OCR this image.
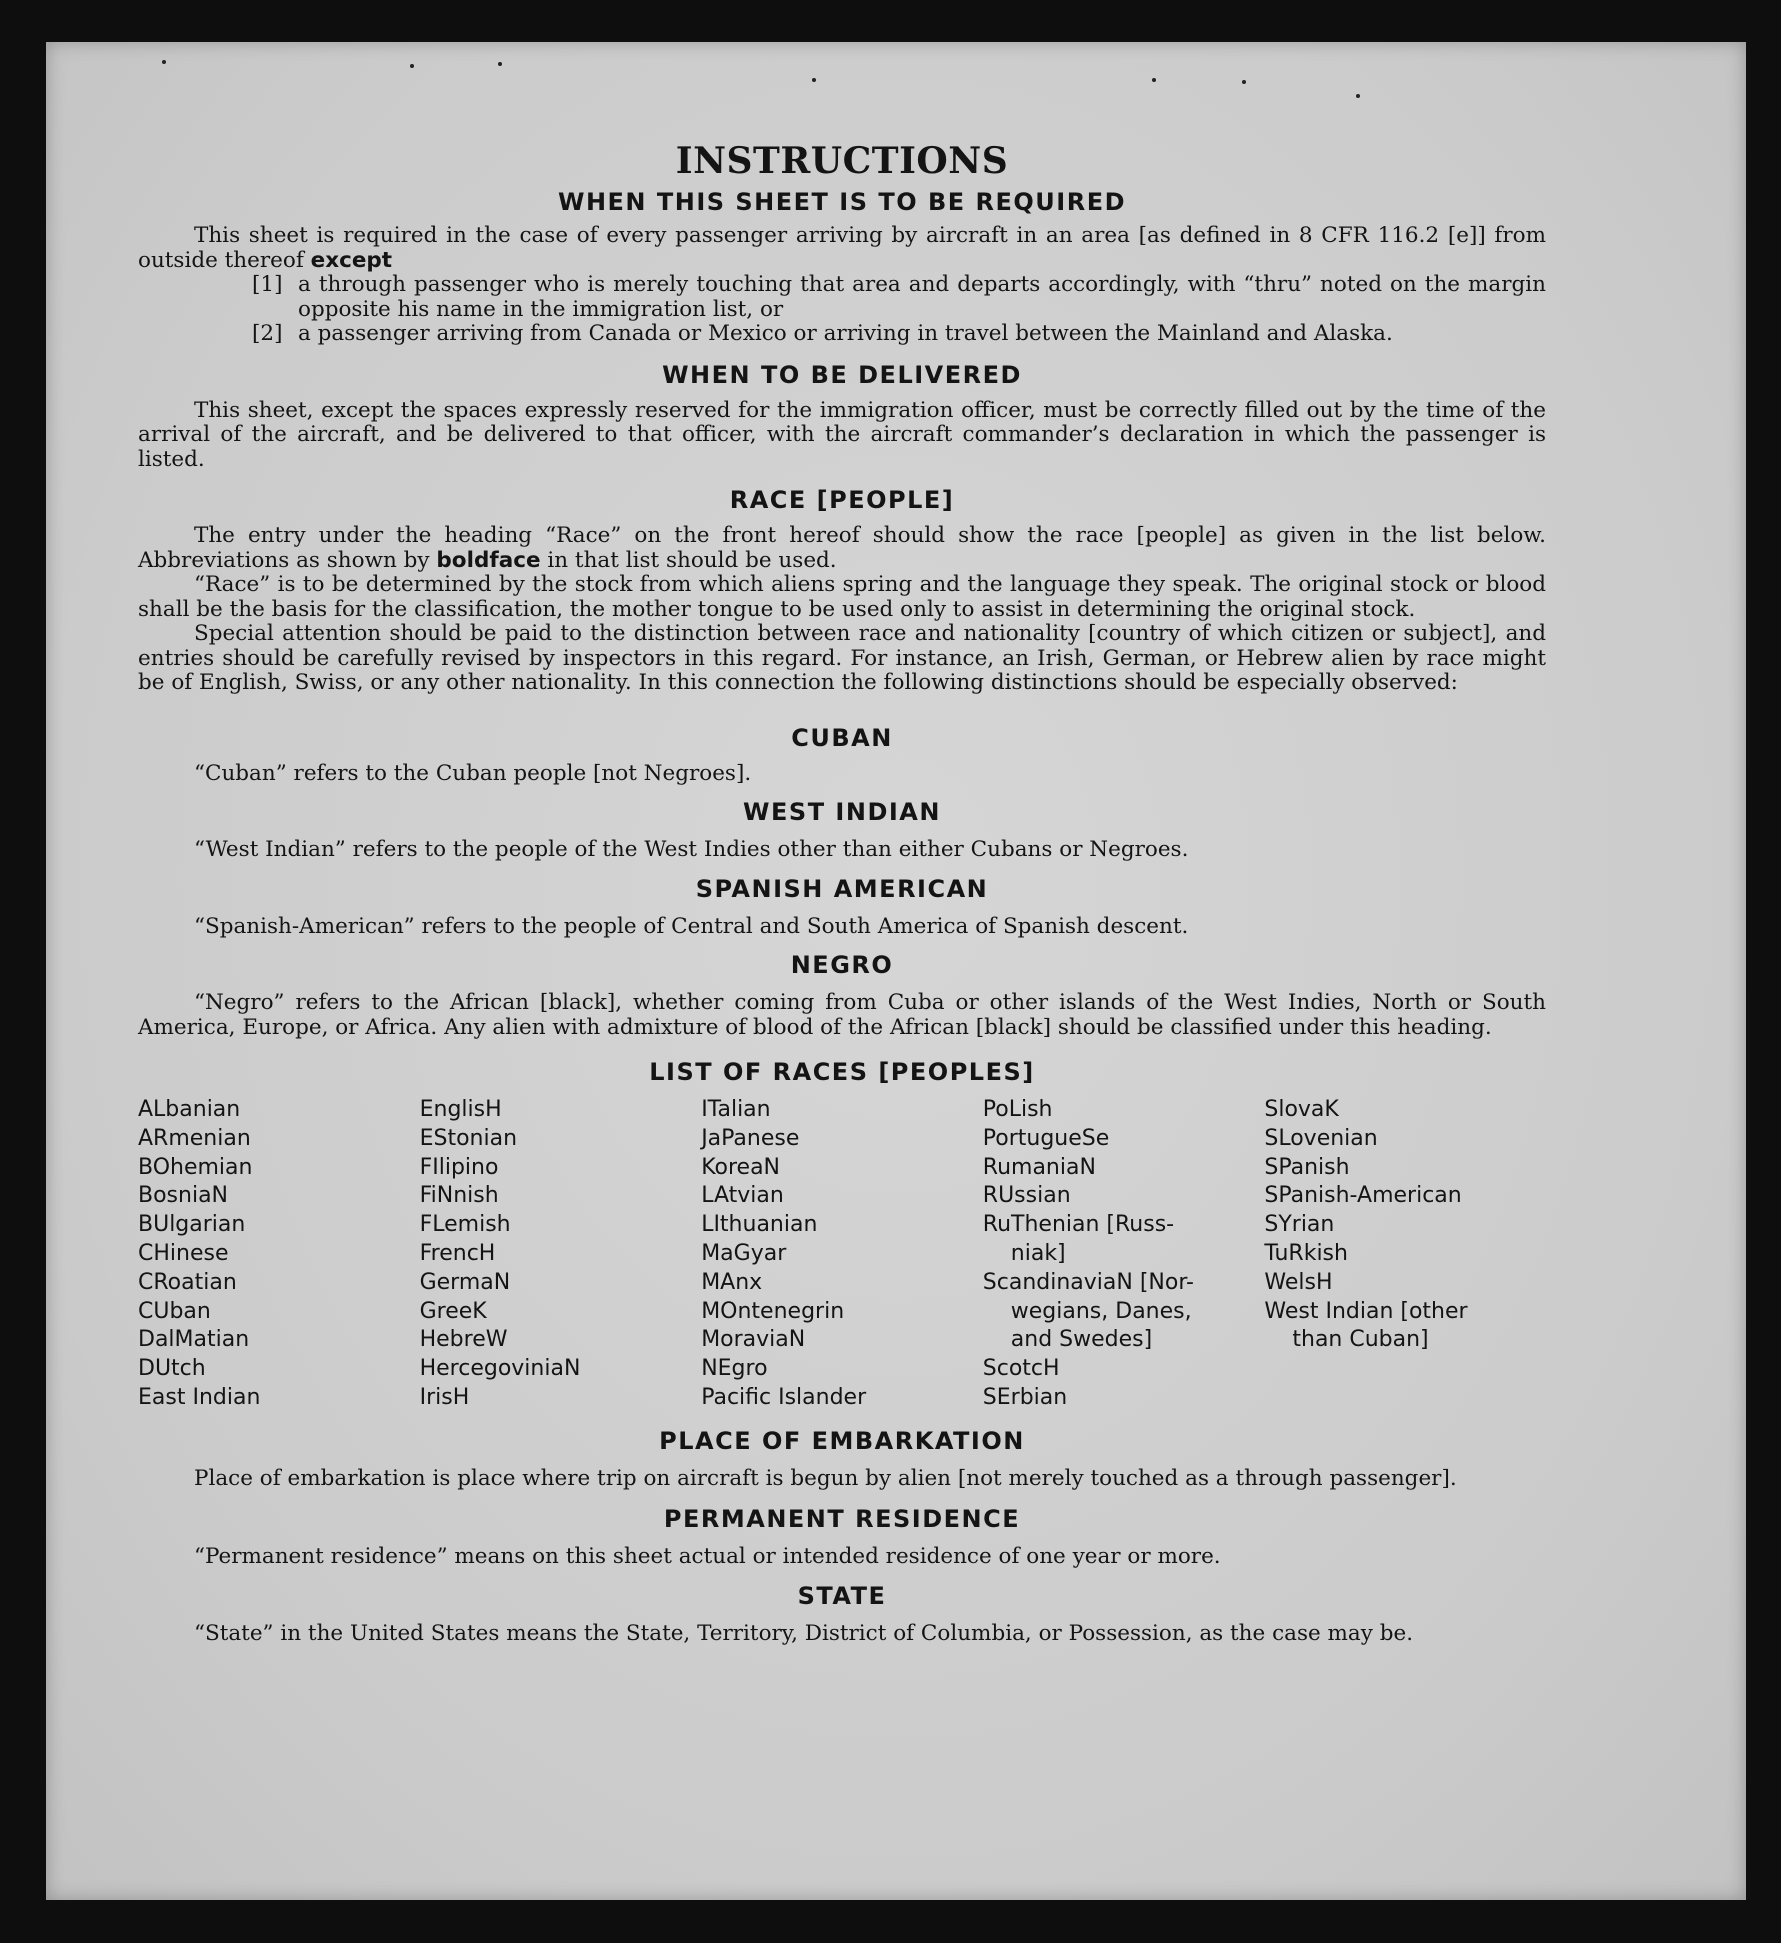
INSTRUCTIONS
WHEN THIS SHEET IS TO BE REQUIRED

This sheet is required in the case of every passenger arriving by aircraft in an area [as defined in 8 CFR 116.2 [e]] from outside thereof except

[1] a through passenger who is merely touching that area and departs accordingly, with “thru” noted on the margin opposite his name in the immigration list, or
[2] a passenger arriving from Canada or Mexico or arriving in travel between the Mainland and Alaska.
WHEN TO BE DELIVERED

This sheet, except the spaces expressly reserved for the immigration officer, must be correctly filled out by the time of the arrival of the aircraft, and be delivered to that officer, with the aircraft commander’s declaration in which the passenger is listed.

RACE [PEOPLE]

The entry under the heading “Race” on the front hereof should show the race [people] as given in the list below. Abbreviations as shown by boldface in that list should be used.

“Race” is to be determined by the stock from which aliens spring and the language they speak. The original stock or blood shall be the basis for the classification, the mother tongue to be used only to assist in determining the original stock.

Special attention should be paid to the distinction between race and nationality [country of which citizen or subject], and entries should be carefully revised by inspectors in this regard. For instance, an Irish, German, or Hebrew alien by race might be of English, Swiss, or any other nationality. In this connection the following distinctions should be especially observed:

CUBAN

“Cuban” refers to the Cuban people [not Negroes].

WEST INDIAN

“West Indian” refers to the people of the West Indies other than either Cubans or Negroes.

SPANISH AMERICAN

“Spanish-American” refers to the people of Central and South America of Spanish descent.

NEGRO

“Negro” refers to the African [black], whether coming from Cuba or other islands of the West Indies, North or South America, Europe, or Africa. Any alien with admixture of blood of the African [black] should be classified under this heading.

LIST OF RACES [PEOPLES]
ALbanian
ARmenian
BOhemian
BosniaN
BUlgarian
CHinese
CRoatian
CUban
DalMatian
DUtch
East Indian
EnglisH
EStonian
FIlipino
FiNnish
FLemish
FrencH
GermaN
GreeK
HebreW
HercegoviniaN
IrisH
ITalian
JaPanese
KoreaN
LAtvian
LIthuanian
MaGyar
MAnx
MOntenegrin
MoraviaN
NEgro
Pacific Islander
PoLish
PortugueSe
RumaniaN
RUssian
RuThenian [Russ-
niak]
ScandinaviaN [Nor-
wegians, Danes,
and Swedes]
ScotcH
SErbian
SlovaK
SLovenian
SPanish
SPanish-American
SYrian
TuRkish
WelsH
West Indian [other
than Cuban]
PLACE OF EMBARKATION

Place of embarkation is place where trip on aircraft is begun by alien [not merely touched as a through passenger].

PERMANENT RESIDENCE

“Permanent residence” means on this sheet actual or intended residence of one year or more.

STATE

“State” in the United States means the State, Territory, District of Columbia, or Possession, as the case may be.
